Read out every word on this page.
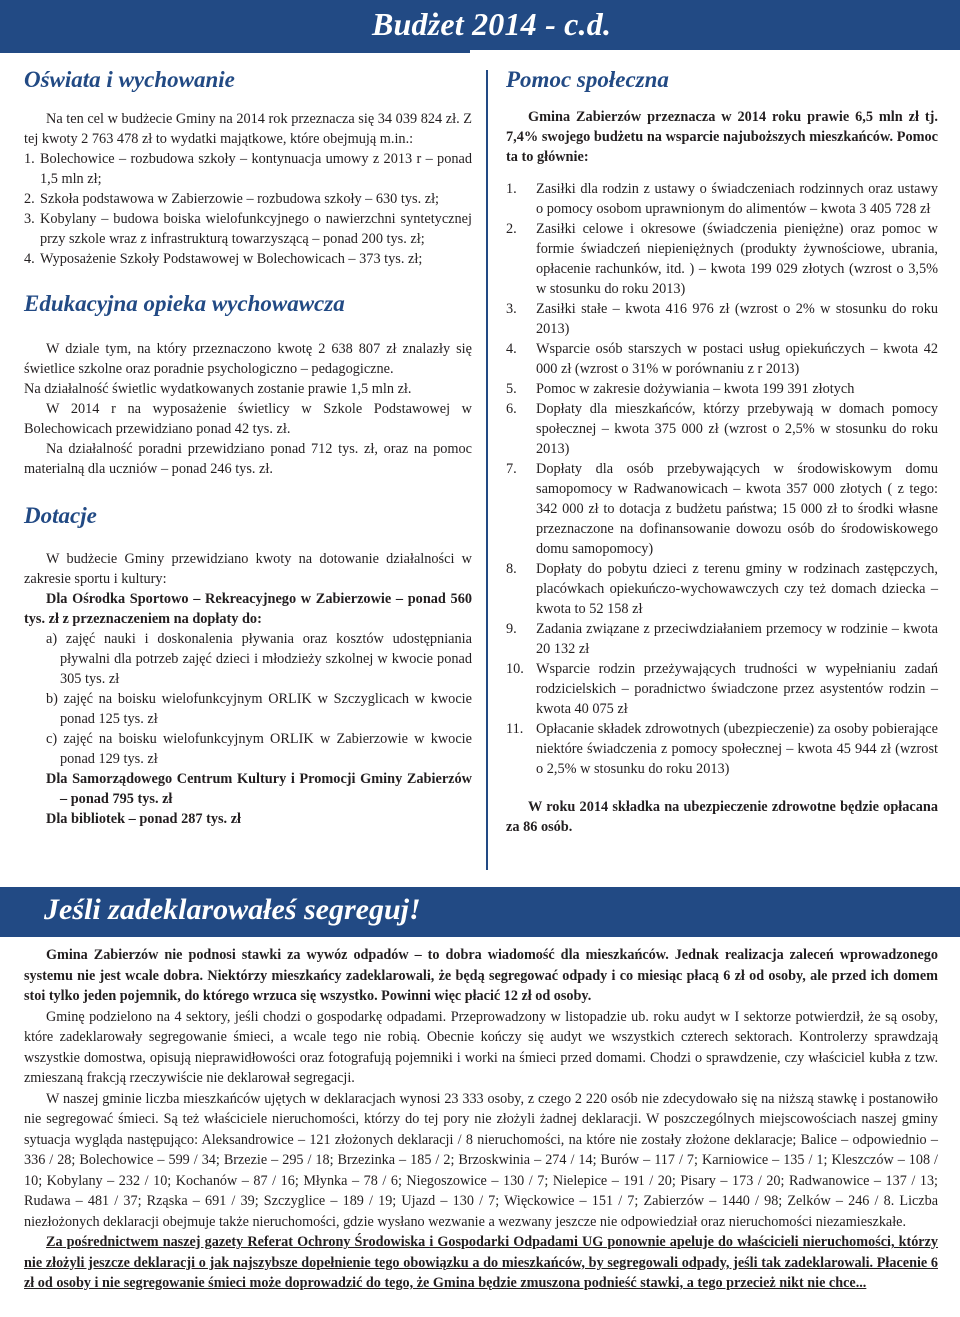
Budżet 2014 - c.d.
Oświata i wychowanie

Na ten cel w budżecie Gminy na 2014 rok przeznacza się 34 039 824 zł. Z tej kwoty 2 763 478 zł to wydatki majątkowe, które obejmują m.in.:

1. Bolechowice – rozbudowa szkoły – kontynuacja umowy z 2013 r – ponad 1,5 mln zł;
2. Szkoła podstawowa w Zabierzowie – rozbudowa szkoły – 630 tys. zł;
3. Kobylany – budowa boiska wielofunkcyjnego o nawierzchni syntetycznej przy szkole wraz z infrastrukturą towarzyszącą – ponad 200 tys. zł;
4. Wyposażenie Szkoły Podstawowej w Bolechowicach – 373 tys. zł;
Edukacyjna opieka wychowawcza

W dziale tym, na który przeznaczono kwotę 2 638 807 zł znalazły się świetlice szkolne oraz poradnie psychologiczno – pedagogiczne.

Na działalność świetlic wydatkowanych zostanie prawie 1,5 mln zł.

W 2014 r na wyposażenie świetlicy w Szkole Podstawowej w Bolechowicach przewidziano ponad 42 tys. zł.

Na działalność poradni przewidziano ponad 712 tys. zł, oraz na pomoc materialną dla uczniów – ponad 246 tys. zł.

Dotacje

W budżecie Gminy przewidziano kwoty na dotowanie działalności w zakresie sportu i kultury:

Dla Ośrodka Sportowo – Rekreacyjnego w Zabierzowie – ponad 560 tys. zł z przeznaczeniem na dopłaty do:

a) zajęć nauki i doskonalenia pływania oraz kosztów udostępniania pływalni dla potrzeb zajęć dzieci i młodzieży szkolnej w kwocie ponad 305 tys. zł

b) zajęć na boisku wielofunkcyjnym ORLIK w Szczyglicach w kwocie ponad 125 tys. zł

c) zajęć na boisku wielofunkcyjnym ORLIK w Zabierzowie w kwocie ponad 129 tys. zł

Dla Samorządowego Centrum Kultury i Promocji Gminy Zabierzów – ponad 795 tys. zł

Dla bibliotek – ponad 287 tys. zł

Pomoc społeczna

Gmina Zabierzów przeznacza w 2014 roku prawie 6,5 mln zł tj. 7,4% swojego budżetu na wsparcie najuboższych mieszkańców. Pomoc ta to głównie:

1. Zasiłki dla rodzin z ustawy o świadczeniach rodzinnych oraz ustawy o pomocy osobom uprawnionym do alimentów – kwota 3 405 728 zł
2. Zasiłki celowe i okresowe (świadczenia pieniężne) oraz pomoc w formie świadczeń niepieniężnych (produkty żywnościowe, ubrania, opłacenie rachunków, itd. ) – kwota 199 029 złotych (wzrost o 3,5% w stosunku do roku 2013)
3. Zasiłki stałe – kwota 416 976 zł (wzrost o 2% w stosunku do roku 2013)
4. Wsparcie osób starszych w postaci usług opiekuńczych – kwota 42 000 zł (wzrost o 31% w porównaniu z r 2013)
5. Pomoc w zakresie dożywiania – kwota 199 391 złotych
6. Dopłaty dla mieszkańców, którzy przebywają w domach pomocy społecznej – kwota 375 000 zł (wzrost o 2,5% w stosunku do roku 2013)
7. Dopłaty dla osób przebywających w środowiskowym domu samopomocy w Radwanowicach – kwota 357 000 złotych ( z tego: 342 000 zł to dotacja z budżetu państwa; 15 000 zł to środki własne przeznaczone na dofinansowanie dowozu osób do środowiskowego domu samopomocy)
8. Dopłaty do pobytu dzieci z terenu gminy w rodzinach zastępczych, placówkach opiekuńczo-wychowawczych czy też domach dziecka – kwota to 52 158 zł
9. Zadania związane z przeciwdziałaniem przemocy w rodzinie – kwota 20 132 zł
10. Wsparcie rodzin przeżywających trudności w wypełnianiu zadań rodzicielskich – poradnictwo świadczone przez asystentów rodzin – kwota 40 075 zł
11. Opłacanie składek zdrowotnych (ubezpieczenie) za osoby pobierające niektóre świadczenia z pomocy społecznej – kwota 45 944 zł (wzrost o 2,5% w stosunku do roku 2013)

W roku 2014 składka na ubezpieczenie zdrowotne będzie opłacana za 86 osób.

Jeśli zadeklarowałeś segreguj!

Gmina Zabierzów nie podnosi stawki za wywóz odpadów – to dobra wiadomość dla mieszkańców. Jednak realizacja zaleceń wprowadzonego systemu nie jest wcale dobra. Niektórzy mieszkańcy zadeklarowali, że będą segregować odpady i co miesiąc płacą 6 zł od osoby, ale przed ich domem stoi tylko jeden pojemnik, do którego wrzuca się wszystko. Powinni więc płacić 12 zł od osoby.

Gminę podzielono na 4 sektory, jeśli chodzi o gospodarkę odpadami. Przeprowadzony w listopadzie ub. roku audyt w I sektorze potwierdził, że są osoby, które zadeklarowały segregowanie śmieci, a wcale tego nie robią. Obecnie kończy się audyt we wszystkich czterech sektorach. Kontrolerzy sprawdzają wszystkie domostwa, opisują nieprawidłowości oraz fotografują pojemniki i worki na śmieci przed domami. Chodzi o sprawdzenie, czy właściciel kubła z tzw. zmieszaną frakcją rzeczywiście nie deklarował segregacji.

W naszej gminie liczba mieszkańców ujętych w deklaracjach wynosi 23 333 osoby, z czego 2 220 osób nie zdecydowało się na niższą stawkę i postanowiło nie segregować śmieci. Są też właściciele nieruchomości, którzy do tej pory nie złożyli żadnej deklaracji. W poszczególnych miejscowościach naszej gminy sytuacja wygląda następująco: Aleksandrowice – 121 złożonych deklaracji / 8 nieruchomości, na które nie zostały złożone deklaracje; Balice – odpowiednio – 336 / 28; Bolechowice – 599 / 34; Brzezie – 295 / 18; Brzezinka – 185 / 2; Brzoskwinia – 274 / 14; Burów – 117 / 7; Karniowice – 135 / 1; Kleszczów – 108 / 10; Kobylany – 232 / 10; Kochanów – 87 / 16; Młynka – 78 / 6; Niegoszowice – 130 / 7; Nielepice – 191 / 20; Pisary – 173 / 20; Radwanowice – 137 / 13; Rudawa – 481 / 37; Rząska – 691 / 39; Szczyglice – 189 / 19; Ujazd – 130 / 7; Więckowice – 151 / 7; Zabierzów – 1440 / 98; Zelków – 246 / 8. Liczba niezłożonych deklaracji obejmuje także nieruchomości, gdzie wysłano wezwanie a wezwany jeszcze nie odpowiedział oraz nieruchomości niezamieszkałe.

Za pośrednictwem naszej gazety Referat Ochrony Środowiska i Gospodarki Odpadami UG ponownie apeluje do właścicieli nieruchomości, którzy nie złożyli jeszcze deklaracji o jak najszybsze dopełnienie tego obowiązku a do mieszkańców, by segregowali odpady, jeśli tak zadeklarowali. Płacenie 6 zł od osoby i nie segregowanie śmieci może doprowadzić do tego, że Gmina będzie zmuszona podnieść stawki, a tego przecież nikt nie chce...
